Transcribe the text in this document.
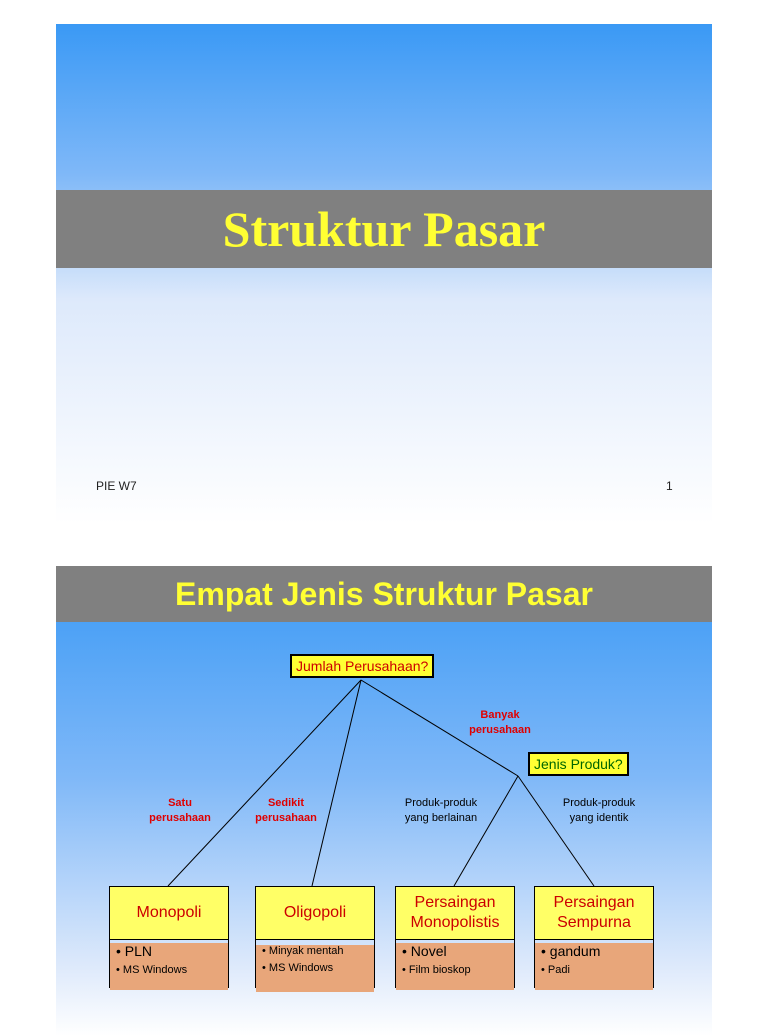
Struktur Pasar
PIE W7	1
Empat Jenis Struktur Pasar
Jumlah Perusahaan?
Jenis Produk?
Banyak
perusahaan
Satu
perusahaan
Sedikit
perusahaan
Produk-produk
yang berlainan
Produk-produk
yang identik
Monopoli
• PLN
• MS Windows
Oligopoli
• Minyak mentah
• MS Windows
Persaingan
Monopolistis
• Novel
• Film bioskop
Persaingan
Sempurna
• gandum
• Padi
